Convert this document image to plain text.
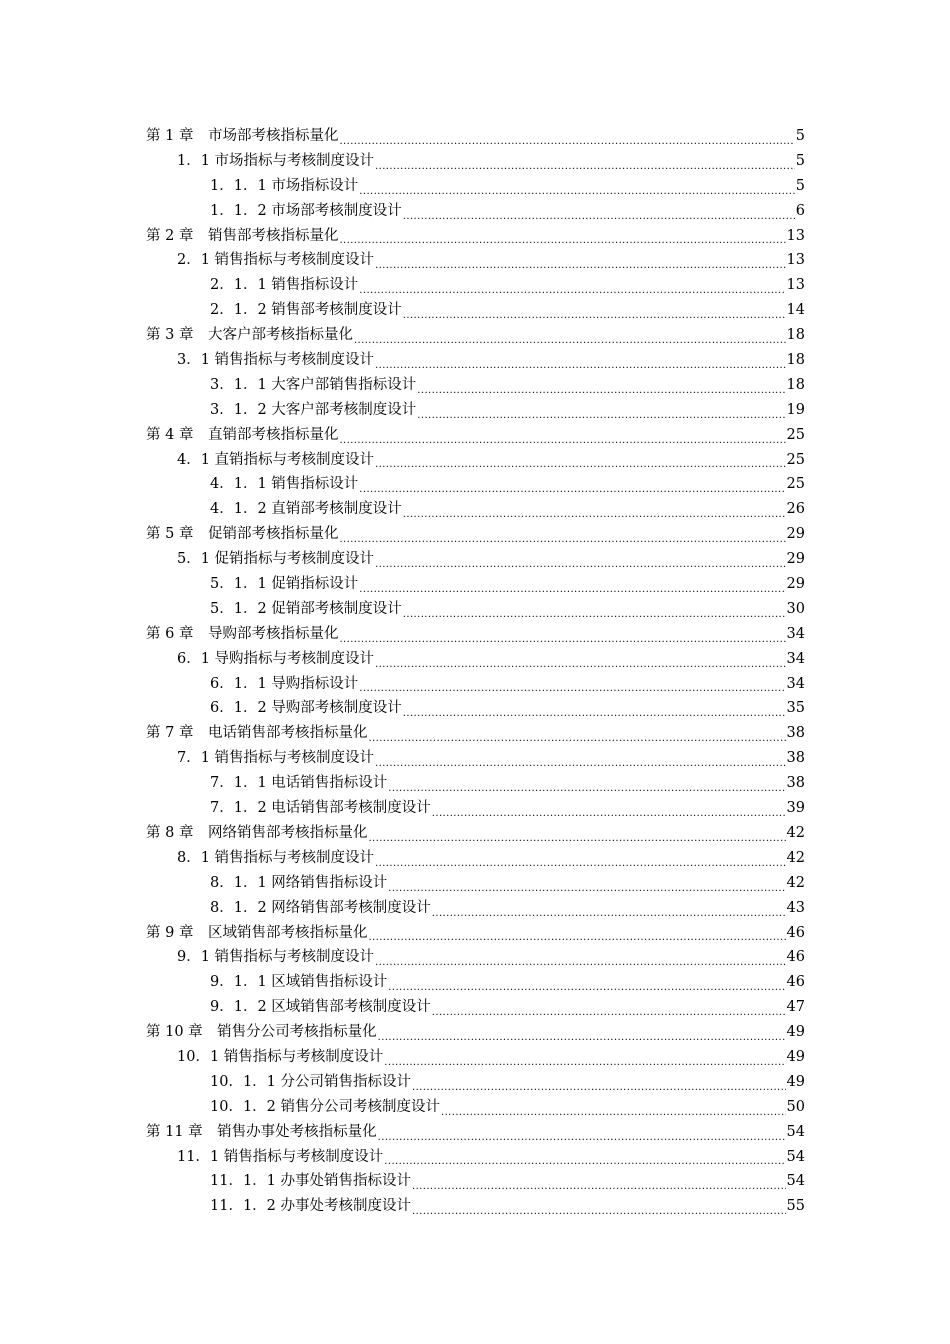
第 1 章　市场部考核指标量化 .....	5
1．1 市场指标与考核制度设计 .....	5
1．1．1 市场指标设计 .....	5
1．1．2 市场部考核制度设计 .....	6
第 2 章　销售部考核指标量化 .....	13
2．1 销售指标与考核制度设计 .....	13
2．1．1 销售指标设计 .....	13
2．1．2 销售部考核制度设计 .....	14
第 3 章　大客户部考核指标量化 .....	18
3．1 销售指标与考核制度设计 .....	18
3．1．1 大客户部销售指标设计 .....	18
3．1．2 大客户部考核制度设计 .....	19
第 4 章　直销部考核指标量化 .....	25
4．1 直销指标与考核制度设计 .....	25
4．1．1 销售指标设计 .....	25
4．1．2 直销部考核制度设计 .....	26
第 5 章　促销部考核指标量化 .....	29
5．1 促销指标与考核制度设计 .....	29
5．1．1 促销指标设计 .....	29
5．1．2 促销部考核制度设计 .....	30
第 6 章　导购部考核指标量化 .....	34
6．1 导购指标与考核制度设计 .....	34
6．1．1 导购指标设计 .....	34
6．1．2 导购部考核制度设计 .....	35
第 7 章　电话销售部考核指标量化 .....	38
7．1 销售指标与考核制度设计 .....	38
7．1．1 电话销售指标设计 .....	38
7．1．2 电话销售部考核制度设计 .....	39
第 8 章　网络销售部考核指标量化 .....	42
8．1 销售指标与考核制度设计 .....	42
8．1．1 网络销售指标设计 .....	42
8．1．2 网络销售部考核制度设计 .....	43
第 9 章　区域销售部考核指标量化 .....	46
9．1 销售指标与考核制度设计 .....	46
9．1．1 区域销售指标设计 .....	46
9．1．2 区域销售部考核制度设计 .....	47
第 10 章　销售分公司考核指标量化 .....	49
10．1 销售指标与考核制度设计 .....	49
10．1．1 分公司销售指标设计 .....	49
10．1．2 销售分公司考核制度设计 .....	50
第 11 章　销售办事处考核指标量化 .....	54
11．1 销售指标与考核制度设计 .....	54
11．1．1 办事处销售指标设计 .....	54
11．1．2 办事处考核制度设计 .....	55
